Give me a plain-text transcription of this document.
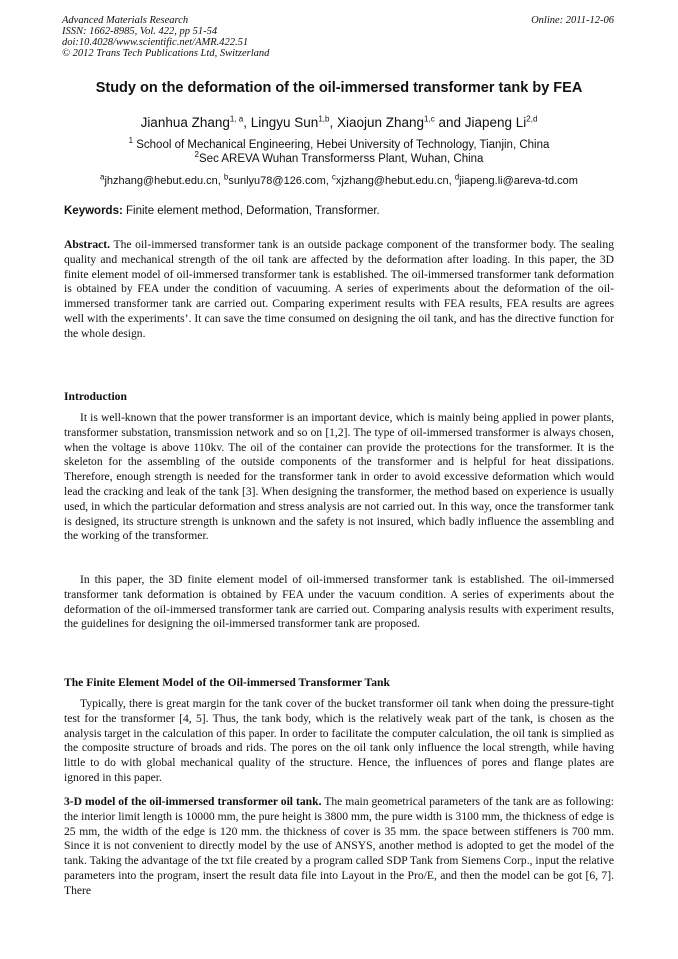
Advanced Materials Research
ISSN: 1662-8985, Vol. 422, pp 51-54
doi:10.4028/www.scientific.net/AMR.422.51
© 2012 Trans Tech Publications Ltd, Switzerland
Online: 2011-12-06
Study on the deformation of the oil-immersed transformer tank by FEA
Jianhua Zhang$^{1, a}$, Lingyu Sun$^{1,b}$, Xiaojun Zhang$^{1,c}$ and Jiapeng Li$^{2,d}$
$^1$ School of Mechanical Engineering, Hebei University of Technology, Tianjin, China
$^2$Sec AREVA Wuhan Transformerss Plant, Wuhan, China
$^a$jhzhang@hebut.edu.cn, $^b$sunlyu78@126.com, $^c$xjzhang@hebut.edu.cn, $^d$jiapeng.li@areva-td.com
Keywords: Finite element method, Deformation, Transformer.
Abstract. The oil-immersed transformer tank is an outside package component of the transformer body. The sealing quality and mechanical strength of the oil tank are affected by the deformation after loading. In this paper, the 3D finite element model of oil-immersed transformer tank is established. The oil-immersed transformer tank deformation is obtained by FEA under the condition of vacuuming. A series of experiments about the deformation of the oil-immersed transformer tank are carried out. Comparing experiment results with FEA results, FEA results are agrees well with the experiments’. It can save the time consumed on designing the oil tank, and has the directive function for the whole design.
Introduction
It is well-known that the power transformer is an important device, which is mainly being applied in power plants, transformer substation, transmission network and so on [1,2]. The type of oil-immersed transformer is always chosen, when the voltage is above 110kv. The oil of the container can provide the protections for the transformer. It is the skeleton for the assembling of the outside components of the transformer and is helpful for heat dissipations. Therefore, enough strength is needed for the transformer tank in order to avoid excessive deformation which would lead the cracking and leak of the tank [3]. When designing the transformer, the method based on experience is usually used, in which the particular deformation and stress analysis are not carried out. In this way, once the transformer tank is designed, its structure strength is unknown and the safety is not insured, which badly influence the assembling and the working of the transformer.
In this paper, the 3D finite element model of oil-immersed transformer tank is established. The oil-immersed transformer tank deformation is obtained by FEA under the vacuum condition. A series of experiments about the deformation of the oil-immersed transformer tank are carried out. Comparing analysis results with experiment results, the guidelines for designing the oil-immersed transformer tank are proposed.
The Finite Element Model of the Oil-immersed Transformer Tank
Typically, there is great margin for the tank cover of the bucket transformer oil tank when doing the pressure-tight test for the transformer [4, 5]. Thus, the tank body, which is the relatively weak part of the tank, is chosen as the analysis target in the calculation of this paper. In order to facilitate the computer calculation, the oil tank is simplied as the composite structure of broads and rids. The pores on the oil tank only influence the local strength, while having little to do with global mechanical quality of the structure. Hence, the influences of pores and flange plates are ignored in this paper.
3-D model of the oil-immersed transformer oil tank. The main geometrical parameters of the tank are as following: the interior limit length is 10000 mm, the pure height is 3800 mm, the pure width is 3100 mm, the thickness of edge is 25 mm, the width of the edge is 120 mm. the thickness of cover is 35 mm. the space between stiffeners is 700 mm. Since it is not convenient to directly model by the use of ANSYS, another method is adopted to get the model of the tank. Taking the advantage of the txt file created by a program called SDP Tank from Siemens Corp., input the relative parameters into the program, insert the result data file into Layout in the Pro/E, and then the model can be got [6, 7]. There
